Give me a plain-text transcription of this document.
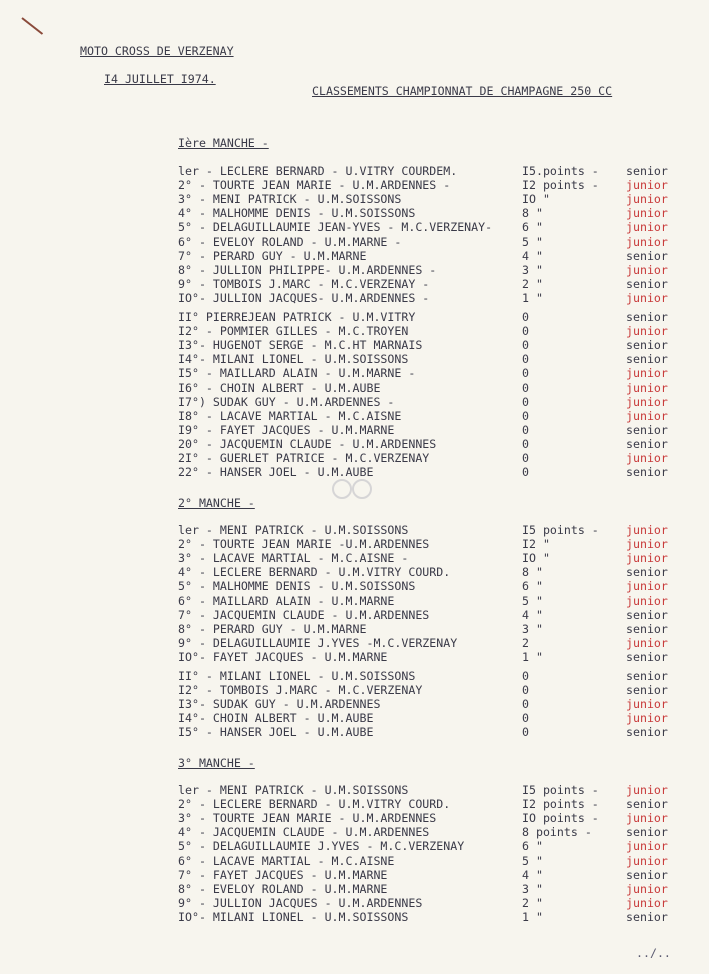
MOTO CROSS DE VERZENAY
I4 JUILLET I974.
CLASSEMENTS CHAMPIONNAT DE CHAMPAGNE 250 CC
Ière MANCHE -
ler - LECLERE BERNARD - U.VITRY COURDEM.	I5.points - senior
2° - TOURTE JEAN MARIE - U.M.ARDENNES -	I2 points - junior
3° - MENI PATRICK - U.M.SOISSONS	IO "	junior
4° - MALHOMME DENIS - U.M.SOISSONS	8 "	junior
5° - DELAGUILLAUMIE JEAN-YVES - M.C.VERZENAY-	6 "	junior
6° - EVELOY ROLAND - U.M.MARNE -	5 "	junior
7° - PERARD GUY - U.M.MARNE	4 "	senior
8° - JULLION PHILIPPE- U.M.ARDENNES -	3 "	junior
9° - TOMBOIS J.MARC - M.C.VERZENAY -	2 "	senior
IO°- JULLION JACQUES- U.M.ARDENNES -	1 "	junior
II° PIERREJEAN PATRICK - U.M.VITRY	0	senior
I2° - POMMIER GILLES - M.C.TROYEN	0	junior
I3°- HUGENOT SERGE - M.C.HT MARNAIS	0	senior
I4°- MILANI LIONEL - U.M.SOISSONS	0	senior
I5° - MAILLARD ALAIN - U.M.MARNE -	0	junior
I6° - CHOIN ALBERT - U.M.AUBE	0	junior
I7°) SUDAK GUY - U.M.ARDENNES -	0	junior
I8° - LACAVE MARTIAL - M.C.AISNE	0	junior
I9° - FAYET JACQUES - U.M.MARNE	0	senior
20° - JACQUEMIN CLAUDE - U.M.ARDENNES	0	senior
2I° - GUERLET PATRICE - M.C.VERZENAY	0	junior
22° - HANSER JOEL - U.M.AUBE	0	senior
2° MANCHE -
ler - MENI PATRICK - U.M.SOISSONS	I5 points - junior
2° - TOURTE JEAN MARIE -U.M.ARDENNES	I2 "	junior
3° - LACAVE MARTIAL - M.C.AISNE -	IO "	junior
4° - LECLERE BERNARD - U.M.VITRY COURD.	8 "	senior
5° - MALHOMME DENIS - U.M.SOISSONS	6 "	junior
6° - MAILLARD ALAIN - U.M.MARNE	5 "	junior
7° - JACQUEMIN CLAUDE - U.M.ARDENNES	4 "	senior
8° - PERARD GUY - U.M.MARNE	3 "	senior
9° - DELAGUILLAUMIE J.YVES -M.C.VERZENAY	2	junior
IO°- FAYET JACQUES - U.M.MARNE	1 "	senior
II° - MILANI LIONEL - U.M.SOISSONS	0	senior
I2° - TOMBOIS J.MARC - M.C.VERZENAY	0	senior
I3°- SUDAK GUY - U.M.ARDENNES	0	junior
I4°- CHOIN ALBERT - U.M.AUBE	0	junior
I5° - HANSER JOEL - U.M.AUBE	0	senior
3° MANCHE -
ler - MENI PATRICK - U.M.SOISSONS	I5 points - junior
2° - LECLERE BERNARD - U.M.VITRY COURD.	I2 points - senior
3° - TOURTE JEAN MARIE - U.M.ARDENNES	IO points - junior
4° - JACQUEMIN CLAUDE - U.M.ARDENNES	8 points -	senior
5° - DELAGUILLAUMIE J.YVES - M.C.VERZENAY	6 "	junior
6° - LACAVE MARTIAL - M.C.AISNE	5 "	junior
7° - FAYET JACQUES - U.M.MARNE	4 "	senior
8° - EVELOY ROLAND - U.M.MARNE	3 "	junior
9° - JULLION JACQUES - U.M.ARDENNES	2 "	junior
IO°- MILANI LIONEL - U.M.SOISSONS	1 "	senior
../..
